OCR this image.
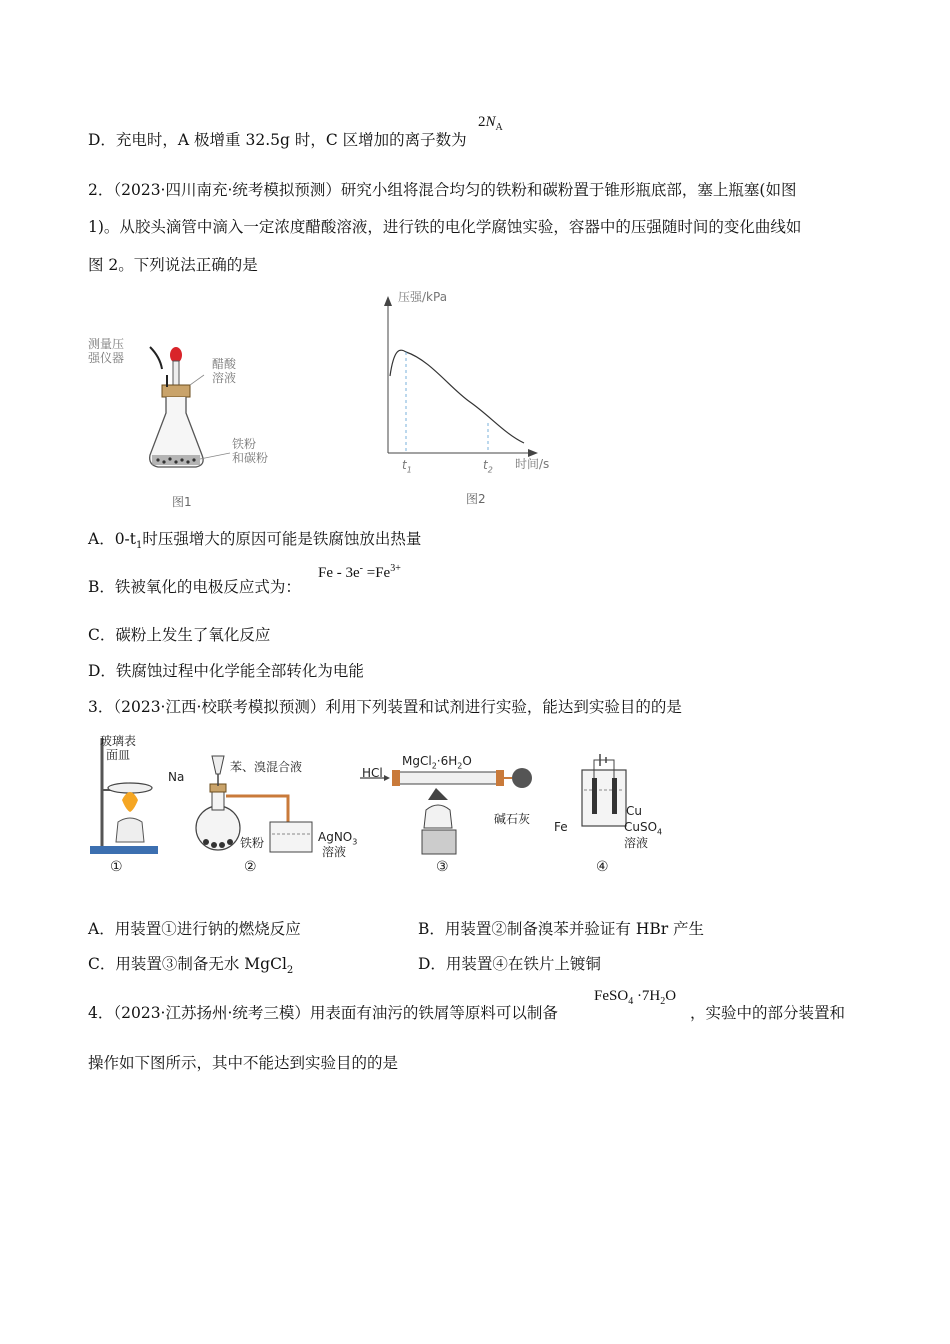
D．充电时，A 极增重 32.5g 时，C 区增加的离子数为
$2N_A$
2．（2023·四川南充·统考模拟预测）研究小组将混合均匀的铁粉和碳粉置于锥形瓶底部，塞上瓶塞(如图
1)。从胶头滴管中滴入一定浓度醋酸溶液，进行铁的电化学腐蚀实验，容器中的压强随时间的变化曲线如
图 2。下列说法正确的是
测量压
强仪器	醋酸
溶液
铁粉
和碳粉
图1
压强/kPa
时间/s
$t_1$	$t_2$
图2
A．$0-t_1$时压强增大的原因可能是铁腐蚀放出热量
B．铁被氧化的电极反应式为：
$Fe - 3e^- =Fe^{3+}$
C．碳粉上发生了氧化反应
D．铁腐蚀过程中化学能全部转化为电能
3．（2023·江西·校联考模拟预测）利用下列装置和试剂进行实验，能达到实验目的的是
玻璃表
面皿
Na
①
苯、溴混合液
铁粉	AgNO$_3$
溶液
②
HCl
$MgCl_2\cdot 6H_2O$
碱石灰
③
Fe
Cu
CuSO$_4$
溶液
④
A．用装置①进行钠的燃烧反应	B．用装置②制备溴苯并验证有 HBr 产生
C．用装置③制备无水 MgCl$_2$	D．用装置④在铁片上镀铜
4．（2023·江苏扬州·统考三模）用表面有油污的铁屑等原料可以制备
FeSO$_4$ $\cdot 7H_2O$
，实验中的部分装置和
操作如下图所示，其中不能达到实验目的的是
